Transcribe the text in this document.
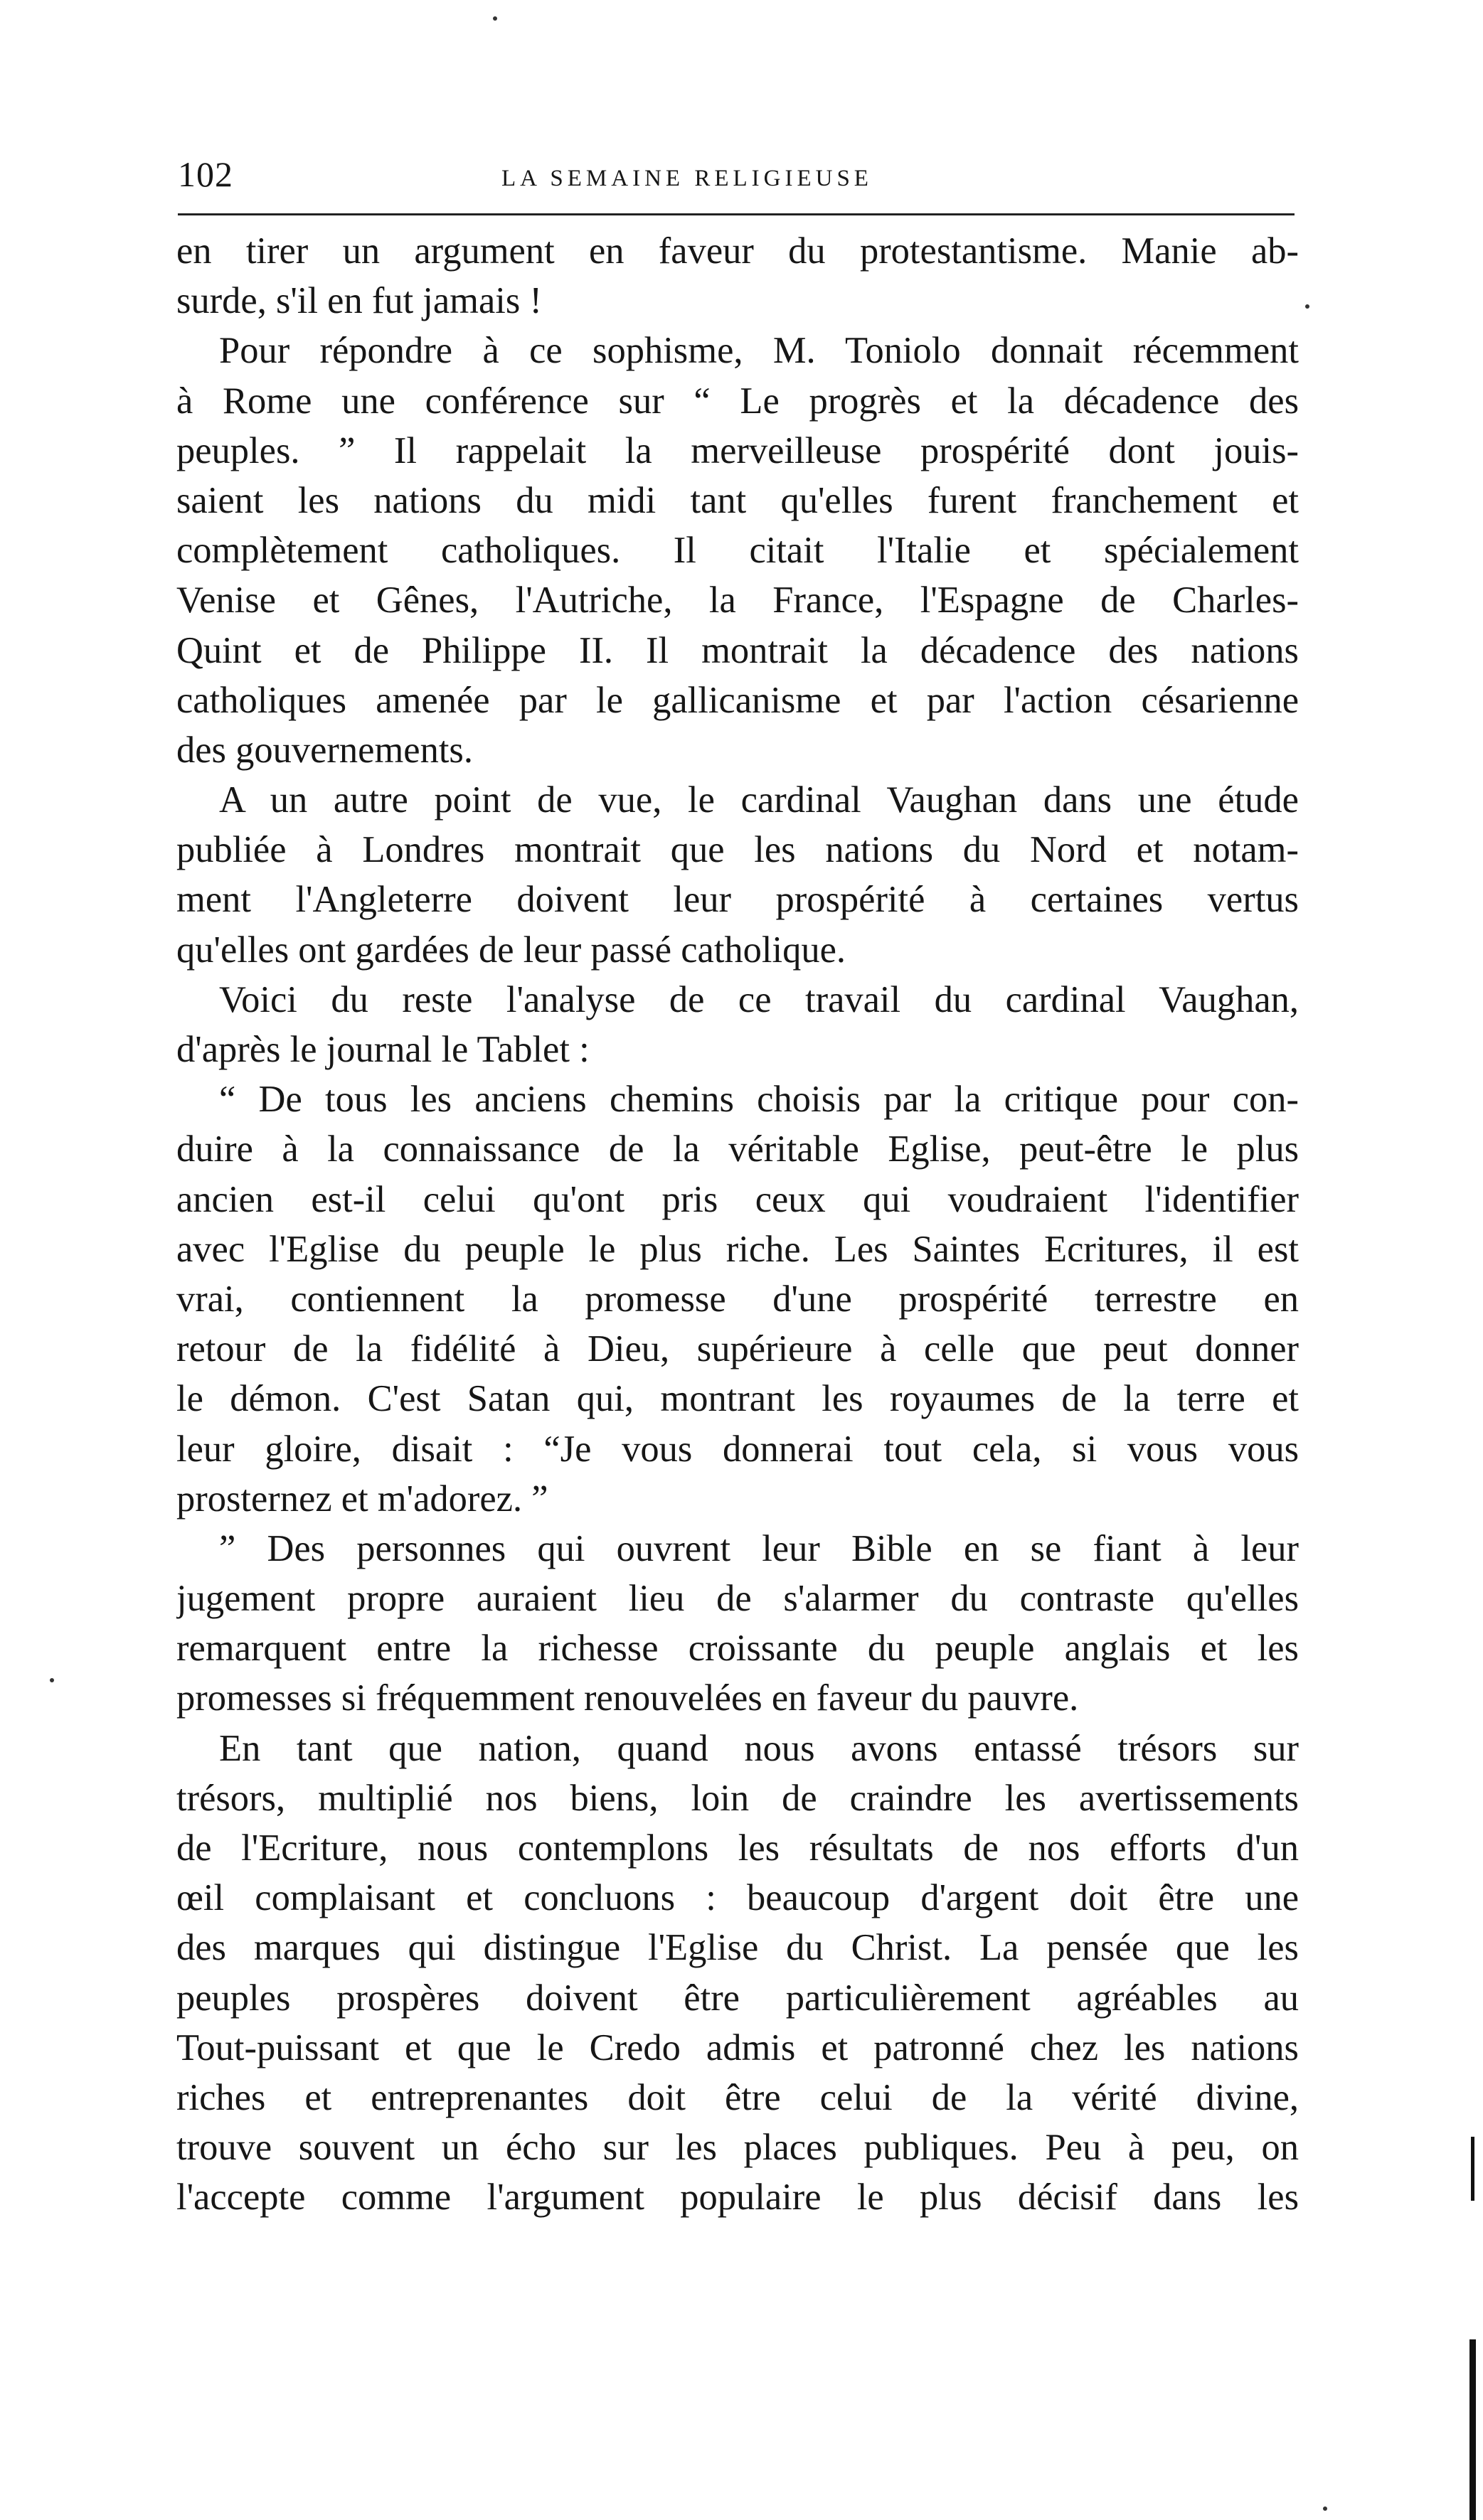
102	LA SEMAINE RELIGIEUSE
en tirer un argument en faveur du protestantisme. Manie ab-
surde, s'il en fut jamais !
Pour répondre à ce sophisme, M. Toniolo donnait récemment
à Rome une conférence sur “ Le progrès et la décadence des
peuples. ” Il rappelait la merveilleuse prospérité dont jouis-
saient les nations du midi tant qu'elles furent franchement et
complètement catholiques. Il citait l'Italie et spécialement
Venise et Gênes, l'Autriche, la France, l'Espagne de Charles-
Quint et de Philippe II. Il montrait la décadence des nations
catholiques amenée par le gallicanisme et par l'action césarienne
des gouvernements.
A un autre point de vue, le cardinal Vaughan dans une étude
publiée à Londres montrait que les nations du Nord et notam-
ment l'Angleterre doivent leur prospérité à certaines vertus
qu'elles ont gardées de leur passé catholique.
Voici du reste l'analyse de ce travail du cardinal Vaughan,
d'après le journal le Tablet :
“ De tous les anciens chemins choisis par la critique pour con-
duire à la connaissance de la véritable Eglise, peut-être le plus
ancien est-il celui qu'ont pris ceux qui voudraient l'identifier
avec l'Eglise du peuple le plus riche. Les Saintes Ecritures, il est
vrai, contiennent la promesse d'une prospérité terrestre en
retour de la fidélité à Dieu, supérieure à celle que peut donner
le démon. C'est Satan qui, montrant les royaumes de la terre et
leur gloire, disait : “Je vous donnerai tout cela, si vous vous
prosternez et m'adorez. ”
” Des personnes qui ouvrent leur Bible en se fiant à leur
jugement propre auraient lieu de s'alarmer du contraste qu'elles
remarquent entre la richesse croissante du peuple anglais et les
promesses si fréquemment renouvelées en faveur du pauvre.
En tant que nation, quand nous avons entassé trésors sur
trésors, multiplié nos biens, loin de craindre les avertissements
de l'Ecriture, nous contemplons les résultats de nos efforts d'un
œil complaisant et concluons : beaucoup d'argent doit être une
des marques qui distingue l'Eglise du Christ. La pensée que les
peuples prospères doivent être particulièrement agréables au
Tout-puissant et que le Credo admis et patronné chez les nations
riches et entreprenantes doit être celui de la vérité divine,
trouve souvent un écho sur les places publiques. Peu à peu, on
l'accepte comme l'argument populaire le plus décisif dans les
